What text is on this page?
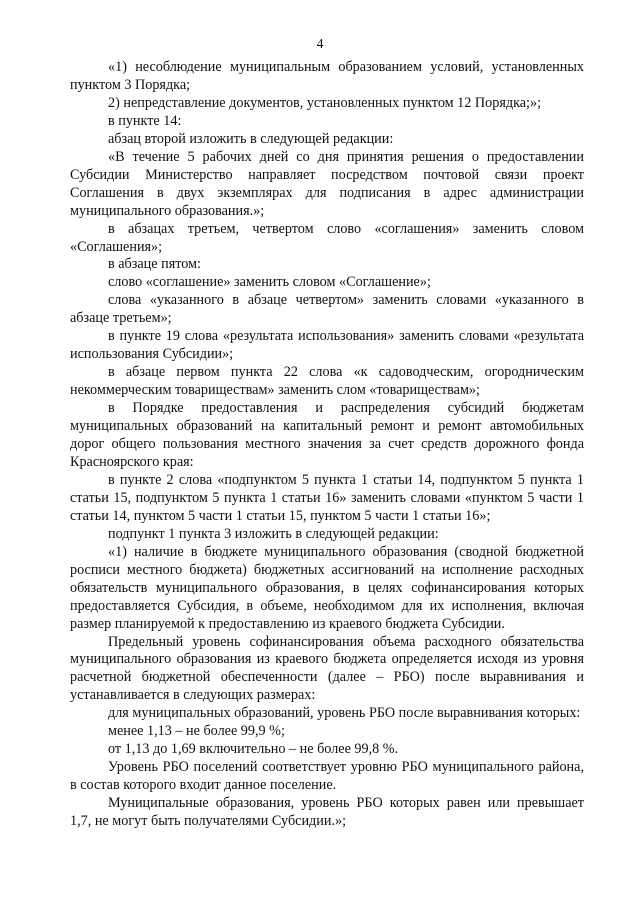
4

«1) несоблюдение муниципальным образованием условий, установленных пунктом 3 Порядка;

2) непредставление документов, установленных пунктом 12 Порядка;»;

в пункте 14:

абзац второй изложить в следующей редакции:

«В течение 5 рабочих дней со дня принятия решения о предоставлении Субсидии Министерство направляет посредством почтовой связи проект Соглашения в двух экземплярах для подписания в адрес администрации муниципального образования.»;

в абзацах третьем, четвертом слово «соглашения» заменить словом «Соглашения»;

в абзаце пятом:

слово «соглашение» заменить словом «Соглашение»;

слова «указанного в абзаце четвертом» заменить словами «указанного в абзаце третьем»;

в пункте 19 слова «результата использования» заменить словами «результата использования Субсидии»;

в абзаце первом пункта 22 слова «к садоводческим, огородническим некоммерческим товариществам» заменить слом «товариществам»;

в Порядке предоставления и распределения субсидий бюджетам муниципальных образований на капитальный ремонт и ремонт автомобильных дорог общего пользования местного значения за счет средств дорожного фонда Красноярского края:

в пункте 2 слова «подпунктом 5 пункта 1 статьи 14, подпунктом 5 пункта 1 статьи 15, подпунктом 5 пункта 1 статьи 16» заменить словами «пунктом 5 части 1 статьи 14, пунктом 5 части 1 статьи 15, пунктом 5 части 1 статьи 16»;

подпункт 1 пункта 3 изложить в следующей редакции:

«1) наличие в бюджете муниципального образования (сводной бюджетной росписи местного бюджета) бюджетных ассигнований на исполнение расходных обязательств муниципального образования, в целях софинансирования которых предоставляется Субсидия, в объеме, необходимом для их исполнения, включая размер планируемой к предоставлению из краевого бюджета Субсидии.

Предельный уровень софинансирования объема расходного обязательства муниципального образования из краевого бюджета определяется исходя из уровня расчетной бюджетной обеспеченности (далее – РБО) после выравнивания и устанавливается в следующих размерах:

для муниципальных образований, уровень РБО после выравнивания которых:

менее 1,13 – не более 99,9 %;

от 1,13 до 1,69 включительно – не более 99,8 %.

Уровень РБО поселений соответствует уровню РБО муниципального района, в состав которого входит данное поселение.

Муниципальные образования, уровень РБО которых равен или превышает 1,7, не могут быть получателями Субсидии.»;
